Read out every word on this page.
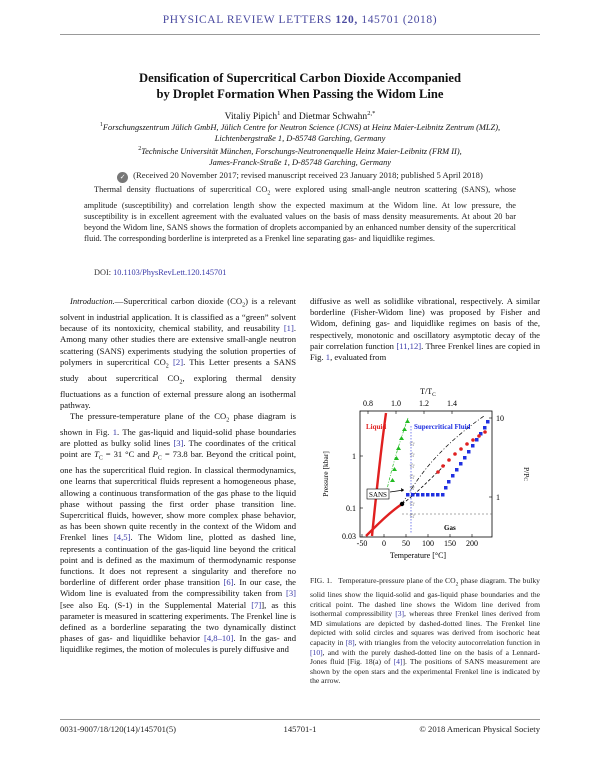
PHYSICAL REVIEW LETTERS 120, 145701 (2018)
Densification of Supercritical Carbon Dioxide Accompanied
by Droplet Formation When Passing the Widom Line
Vitaliy Pipich$^1$ and Dietmar Schwahn$^{2,*}$
$^1$Forschungszentrum Jülich GmbH, Jülich Centre for Neutron Science (JCNS) at Heinz Maier-Leibnitz Zentrum (MLZ),
Lichtenbergstraße 1, D-85748 Garching, Germany
$^2$Technische Universität München, Forschungs-Neutronenquelle Heinz Maier-Leibnitz (FRM II),
James-Franck-Straße 1, D-85748 Garching, Germany
✓ (Received 20 November 2017; revised manuscript received 23 January 2018; published 5 April 2018)
Thermal density fluctuations of supercritical $CO_2$ were explored using small-angle neutron scattering (SANS), whose amplitude (susceptibility) and correlation length show the expected maximum at the Widom line. At low pressure, the susceptibility is in excellent agreement with the evaluated values on the basis of mass density measurements. At about 20 bar beyond the Widom line, SANS shows the formation of droplets accompanied by an enhanced number density of the supercritical fluid. The corresponding borderline is interpreted as a Frenkel line separating gas- and liquidlike regimes.
DOI: 10.1103/PhysRevLett.120.145701

Introduction.—Supercritical carbon dioxide $(CO_2)$ is a relevant solvent in industrial application. It is classified as a “green” solvent because of its nontoxicity, chemical stability, and reusability [1]. Among many other studies there are extensive small-angle neutron scattering (SANS) experiments studying the solution properties of polymers in supercritical $CO_2$ [2]. This Letter presents a SANS study about supercritical $CO_2$, exploring thermal density fluctuations as a function of external pressure along an isothermal pathway.

The pressure-temperature plane of the $CO_2$ phase diagram is shown in Fig. 1. The gas-liquid and liquid-solid phase boundaries are plotted as bulky solid lines [3]. The coordinates of the critical point are $T_C = 31$ °C and $P_C = 73.8$ bar. Beyond the critical point, one has the supercritical fluid region. In classical thermodynamics, one learns that supercritical fluids represent a homogeneous phase, allowing a continuous transformation of the gas phase to the liquid phase without passing the first order phase transition line. Supercritical fluids, however, show more complex phase behavior, as has been shown quite recently in the context of the Widom and Frenkel lines [4,5]. The Widom line, plotted as dashed line, represents a continuation of the gas-liquid line beyond the critical point and is defined as the maximum of thermodynamic response functions. It does not represent a singularity and therefore no borderline of different order phase transition [6]. In our case, the Widom line is evaluated from the compressibility taken from [3] [see also Eq. (S-1) in the Supplemental Material [7]], as this parameter is measured in scattering experiments. The Frenkel line is defined as a borderline separating the two dynamically distinct phases of gas- and liquidlike behavior [4,8–10]. In the gas- and liquidlike regimes, the motion of molecules is purely diffusive and

diffusive as well as solidlike vibrational, respectively. A similar borderline (Fisher-Widom line) was proposed by Fisher and Widom, defining gas- and liquidlike regimes on basis of the, respectively, monotonic and oscillatory asymptotic decay of the pair correlation function [11,12]. Three Frenkel lines are copied in Fig. 1, evaluated from

$T/T_C$
0.8 1.0 1.2 1.4
Pressure [kbar]	1
0.1
0.03
P/PC
10
1
-50 0 50 100 150 200
Temperature [°C]
☆
☆
☆
☆
☆
☆
☆
Liquid	Supercritical Fluid
Gas
SANS
FIG. 1.   Temperature-pressure plane of the $CO_2$ phase diagram. The bulky solid lines show the liquid-solid and gas-liquid phase boundaries and the critical point. The dashed line shows the Widom line derived from isothermal compressibility [3], whereas three Frenkel lines derived from MD simulations are depicted by dashed-dotted lines. The Frenkel line depicted with solid circles and squares was derived from isochoric heat capacity in [8], with triangles from the velocity autocorrelation function in [10], and with the purely dashed-dotted line on the basis of a Lennard-Jones fluid [Fig. 18(a) of [4]]. The positions of SANS measurement are shown by the open stars and the experimental Frenkel line is indicated by the arrow.
0031-9007/18/120(14)/145701(5)	145701-1	© 2018 American Physical Society
